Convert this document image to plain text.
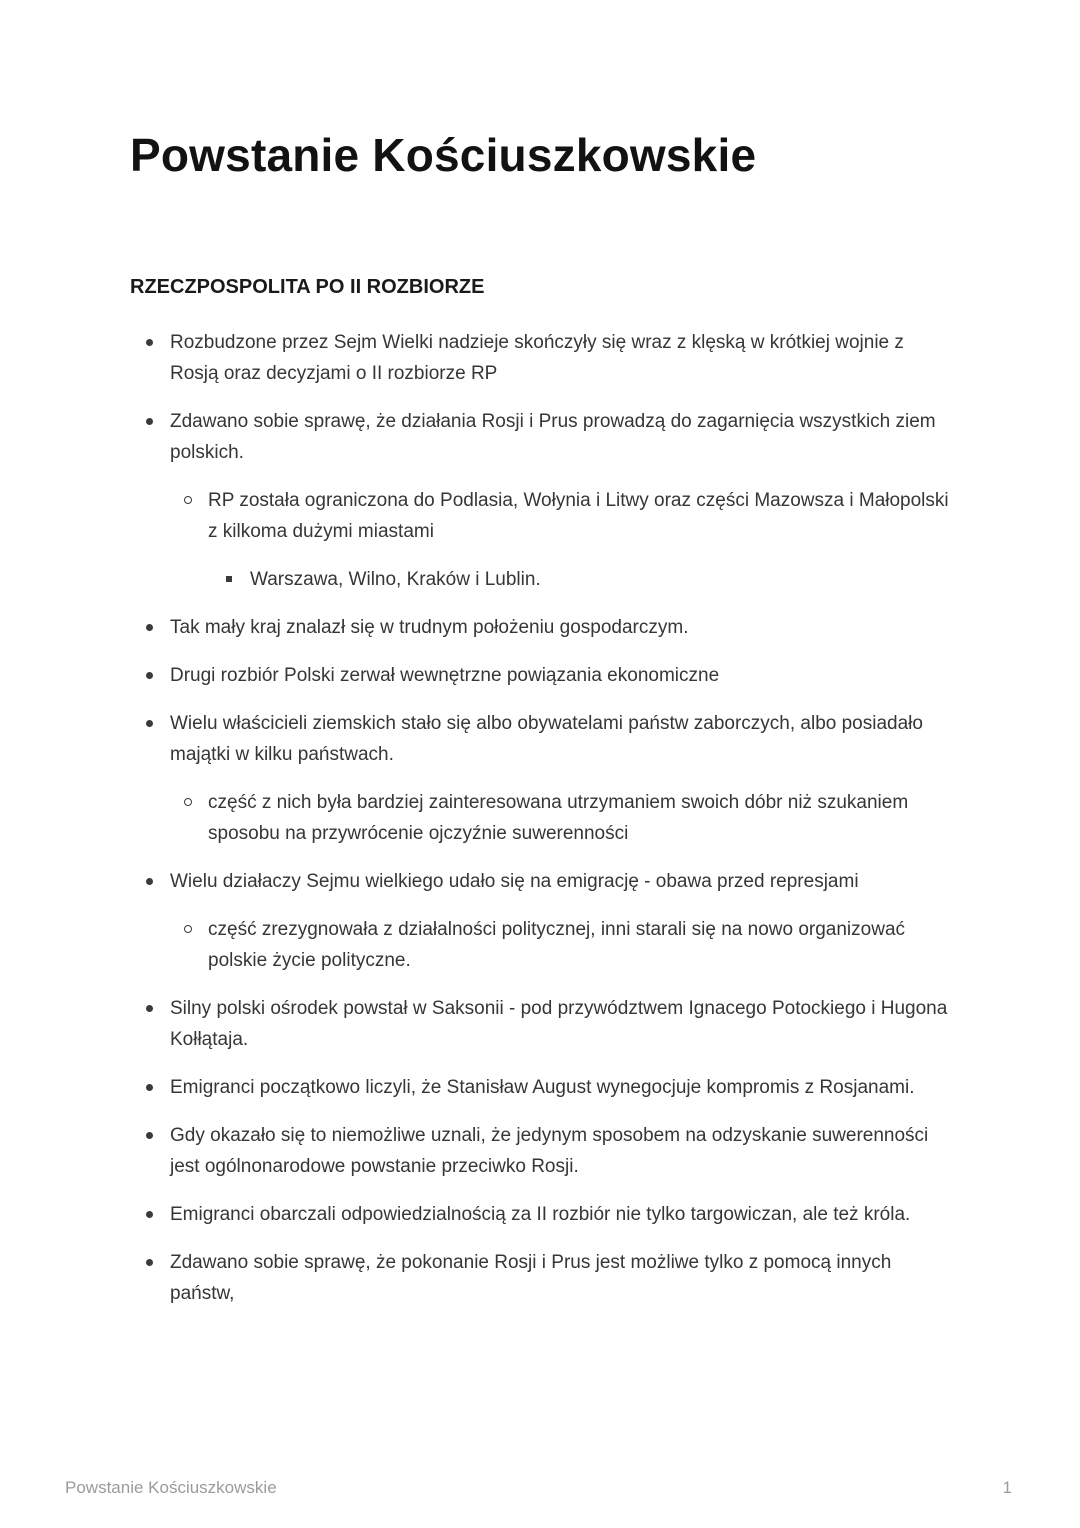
Powstanie Kościuszkowskie
RZECZPOSPOLITA PO II ROZBIORZE
Rozbudzone przez Sejm Wielki nadzieje skończyły się wraz z klęską w krótkiej wojnie z Rosją oraz decyzjami o II rozbiorze RP
Zdawano sobie sprawę, że działania Rosji i Prus prowadzą do zagarnięcia wszystkich ziem polskich.
RP została ograniczona do Podlasia, Wołynia i Litwy oraz części Mazowsza i Małopolski z kilkoma dużymi miastami
Warszawa, Wilno, Kraków i Lublin.
Tak mały kraj znalazł się w trudnym położeniu gospodarczym.
Drugi rozbiór Polski zerwał wewnętrzne powiązania ekonomiczne
Wielu właścicieli ziemskich stało się albo obywatelami państw zaborczych, albo posiadało majątki w kilku państwach.
część z nich była bardziej zainteresowana utrzymaniem swoich dóbr niż szukaniem sposobu na przywrócenie ojczyźnie suwerenności
Wielu działaczy Sejmu wielkiego udało się na emigrację - obawa przed represjami
część zrezygnowała z działalności politycznej, inni starali się na nowo organizować polskie życie polityczne.
Silny polski ośrodek powstał w Saksonii - pod przywództwem Ignacego Potockiego i Hugona Kołłątaja.
Emigranci początkowo liczyli, że Stanisław August wynegocjuje kompromis z Rosjanami.
Gdy okazało się to niemożliwe uznali, że jedynym sposobem na odzyskanie suwerenności jest ogólnonarodowe powstanie przeciwko Rosji.
Emigranci obarczali odpowiedzialnością za II rozbiór nie tylko targowiczan, ale też króla.
Zdawano sobie sprawę, że pokonanie Rosji i Prus jest możliwe tylko z pomocą innych państw,
Powstanie Kościuszkowskie	1
